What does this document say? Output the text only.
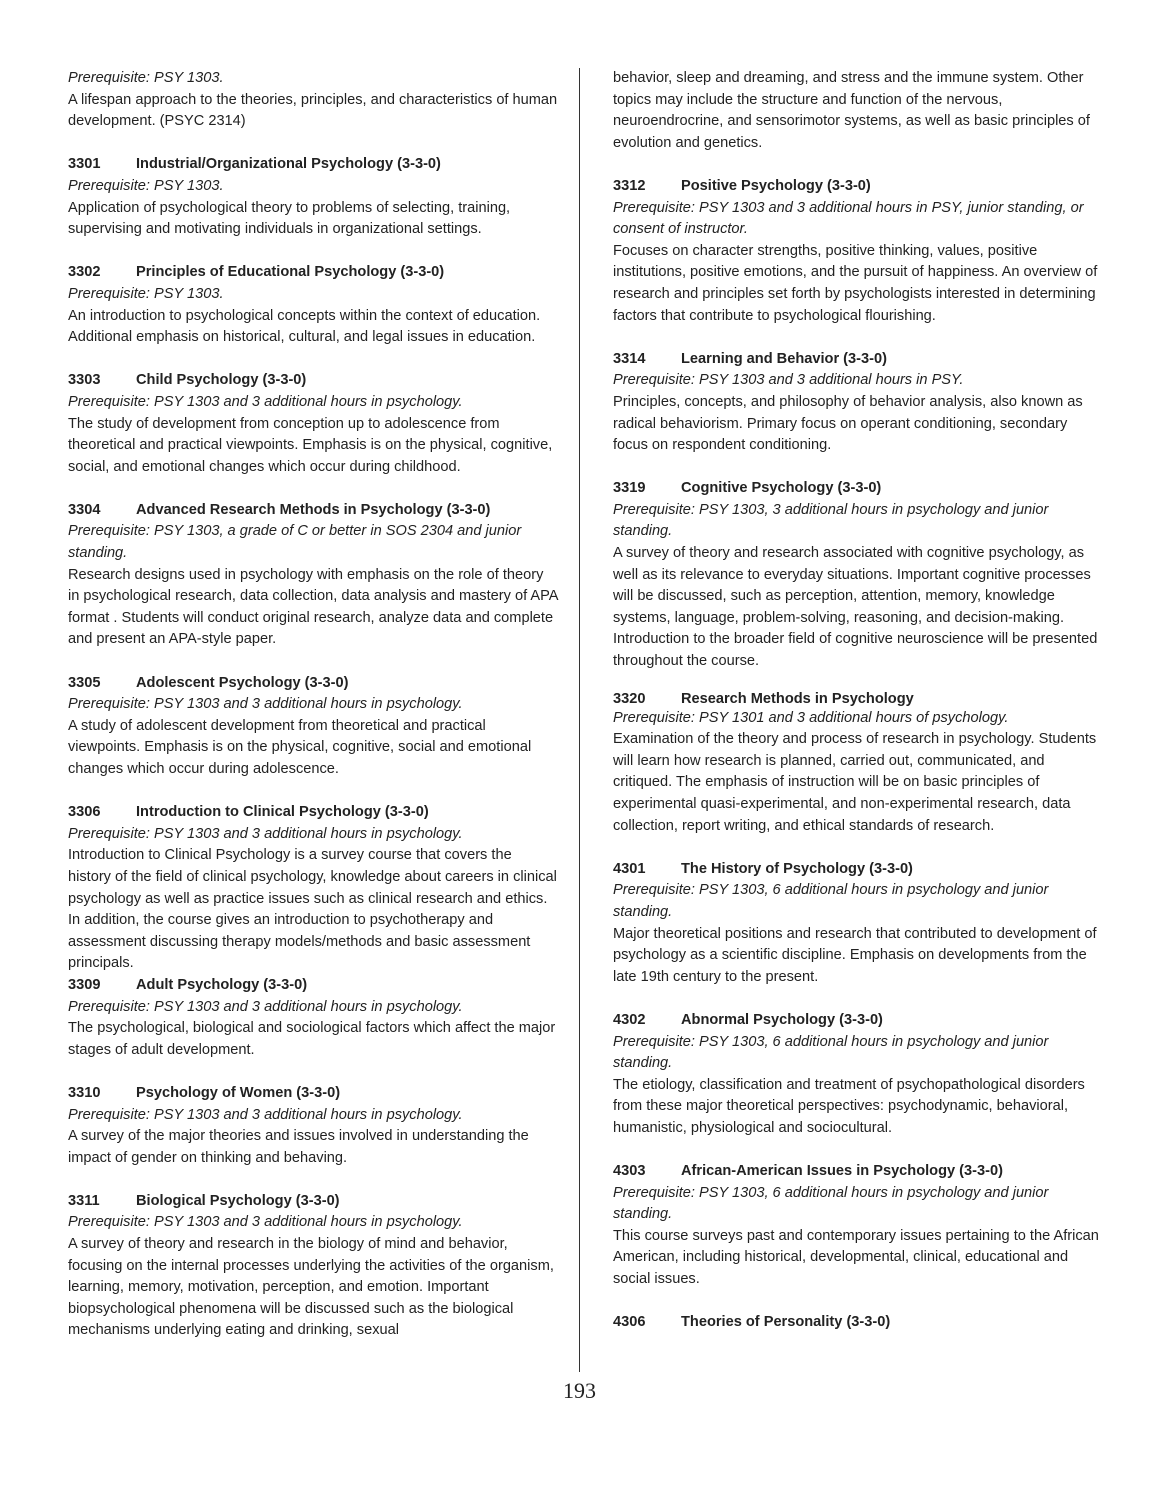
Prerequisite: PSY 1303.
A lifespan approach to the theories, principles, and characteristics of human development. (PSYC 2314)
3301 Industrial/Organizational Psychology (3-3-0)
Prerequisite: PSY 1303.
Application of psychological theory to problems of selecting, training, supervising and motivating individuals in organizational settings.
3302 Principles of Educational Psychology (3-3-0)
Prerequisite: PSY 1303.
An introduction to psychological concepts within the context of education. Additional emphasis on historical, cultural, and legal issues in education.
3303 Child Psychology (3-3-0)
Prerequisite: PSY 1303 and 3 additional hours in psychology.
The study of development from conception up to adolescence from theoretical and practical viewpoints. Emphasis is on the physical, cognitive, social, and emotional changes which occur during childhood.
3304 Advanced Research Methods in Psychology (3-3-0)
Prerequisite: PSY 1303, a grade of C or better in SOS 2304 and junior standing.
Research designs used in psychology with emphasis on the role of theory in psychological research, data collection, data analysis and mastery of APA format . Students will conduct original research, analyze data and complete and present an APA-style paper.
3305 Adolescent Psychology (3-3-0)
Prerequisite: PSY 1303 and 3 additional hours in psychology.
A study of adolescent development from theoretical and practical viewpoints. Emphasis is on the physical, cognitive, social and emotional changes which occur during adolescence.
3306 Introduction to Clinical Psychology (3-3-0)
Prerequisite: PSY 1303 and 3 additional hours in psychology.
Introduction to Clinical Psychology is a survey course that covers the history of the field of clinical psychology, knowledge about careers in clinical psychology as well as practice issues such as clinical research and ethics. In addition, the course gives an introduction to psychotherapy and assessment discussing therapy models/methods and basic assessment principals.
3309 Adult Psychology (3-3-0)
Prerequisite: PSY 1303 and 3 additional hours in psychology.
The psychological, biological and sociological factors which affect the major stages of adult development.
3310 Psychology of Women (3-3-0)
Prerequisite: PSY 1303 and 3 additional hours in psychology.
A survey of the major theories and issues involved in understanding the impact of gender on thinking and behaving.
3311 Biological Psychology (3-3-0)
Prerequisite: PSY 1303 and 3 additional hours in psychology.
A survey of theory and research in the biology of mind and behavior, focusing on the internal processes underlying the activities of the organism, learning, memory, motivation, perception, and emotion. Important biopsychological phenomena will be discussed such as the biological mechanisms underlying eating and drinking, sexual
behavior, sleep and dreaming, and stress and the immune system. Other topics may include the structure and function of the nervous, neuroendrocrine, and sensorimotor systems, as well as basic principles of evolution and genetics.
3312 Positive Psychology (3-3-0)
Prerequisite: PSY 1303 and 3 additional hours in PSY, junior standing, or consent of instructor.
Focuses on character strengths, positive thinking, values, positive institutions, positive emotions, and the pursuit of happiness. An overview of research and principles set forth by psychologists interested in determining factors that contribute to psychological flourishing.
3314 Learning and Behavior (3-3-0)
Prerequisite: PSY 1303 and 3 additional hours in PSY.
Principles, concepts, and philosophy of behavior analysis, also known as radical behaviorism. Primary focus on operant conditioning, secondary focus on respondent conditioning.
3319 Cognitive Psychology (3-3-0)
Prerequisite: PSY 1303, 3 additional hours in psychology and junior standing.
A survey of theory and research associated with cognitive psychology, as well as its relevance to everyday situations. Important cognitive processes will be discussed, such as perception, attention, memory, knowledge systems, language, problem-solving, reasoning, and decision-making. Introduction to the broader field of cognitive neuroscience will be presented throughout the course.
3320 Research Methods in Psychology
Prerequisite: PSY 1301 and 3 additional hours of psychology.
Examination of the theory and process of research in psychology. Students will learn how research is planned, carried out, communicated, and critiqued. The emphasis of instruction will be on basic principles of experimental quasi-experimental, and non-experimental research, data collection, report writing, and ethical standards of research.
4301 The History of Psychology (3-3-0)
Prerequisite: PSY 1303, 6 additional hours in psychology and junior standing.
Major theoretical positions and research that contributed to development of psychology as a scientific discipline. Emphasis on developments from the late 19th century to the present.
4302 Abnormal Psychology (3-3-0)
Prerequisite: PSY 1303, 6 additional hours in psychology and junior standing.
The etiology, classification and treatment of psychopathological disorders from these major theoretical perspectives: psychodynamic, behavioral, humanistic, physiological and sociocultural.
4303 African-American Issues in Psychology (3-3-0)
Prerequisite: PSY 1303, 6 additional hours in psychology and junior standing.
This course surveys past and contemporary issues pertaining to the African American, including historical, developmental, clinical, educational and social issues.
4306 Theories of Personality (3-3-0)
193
